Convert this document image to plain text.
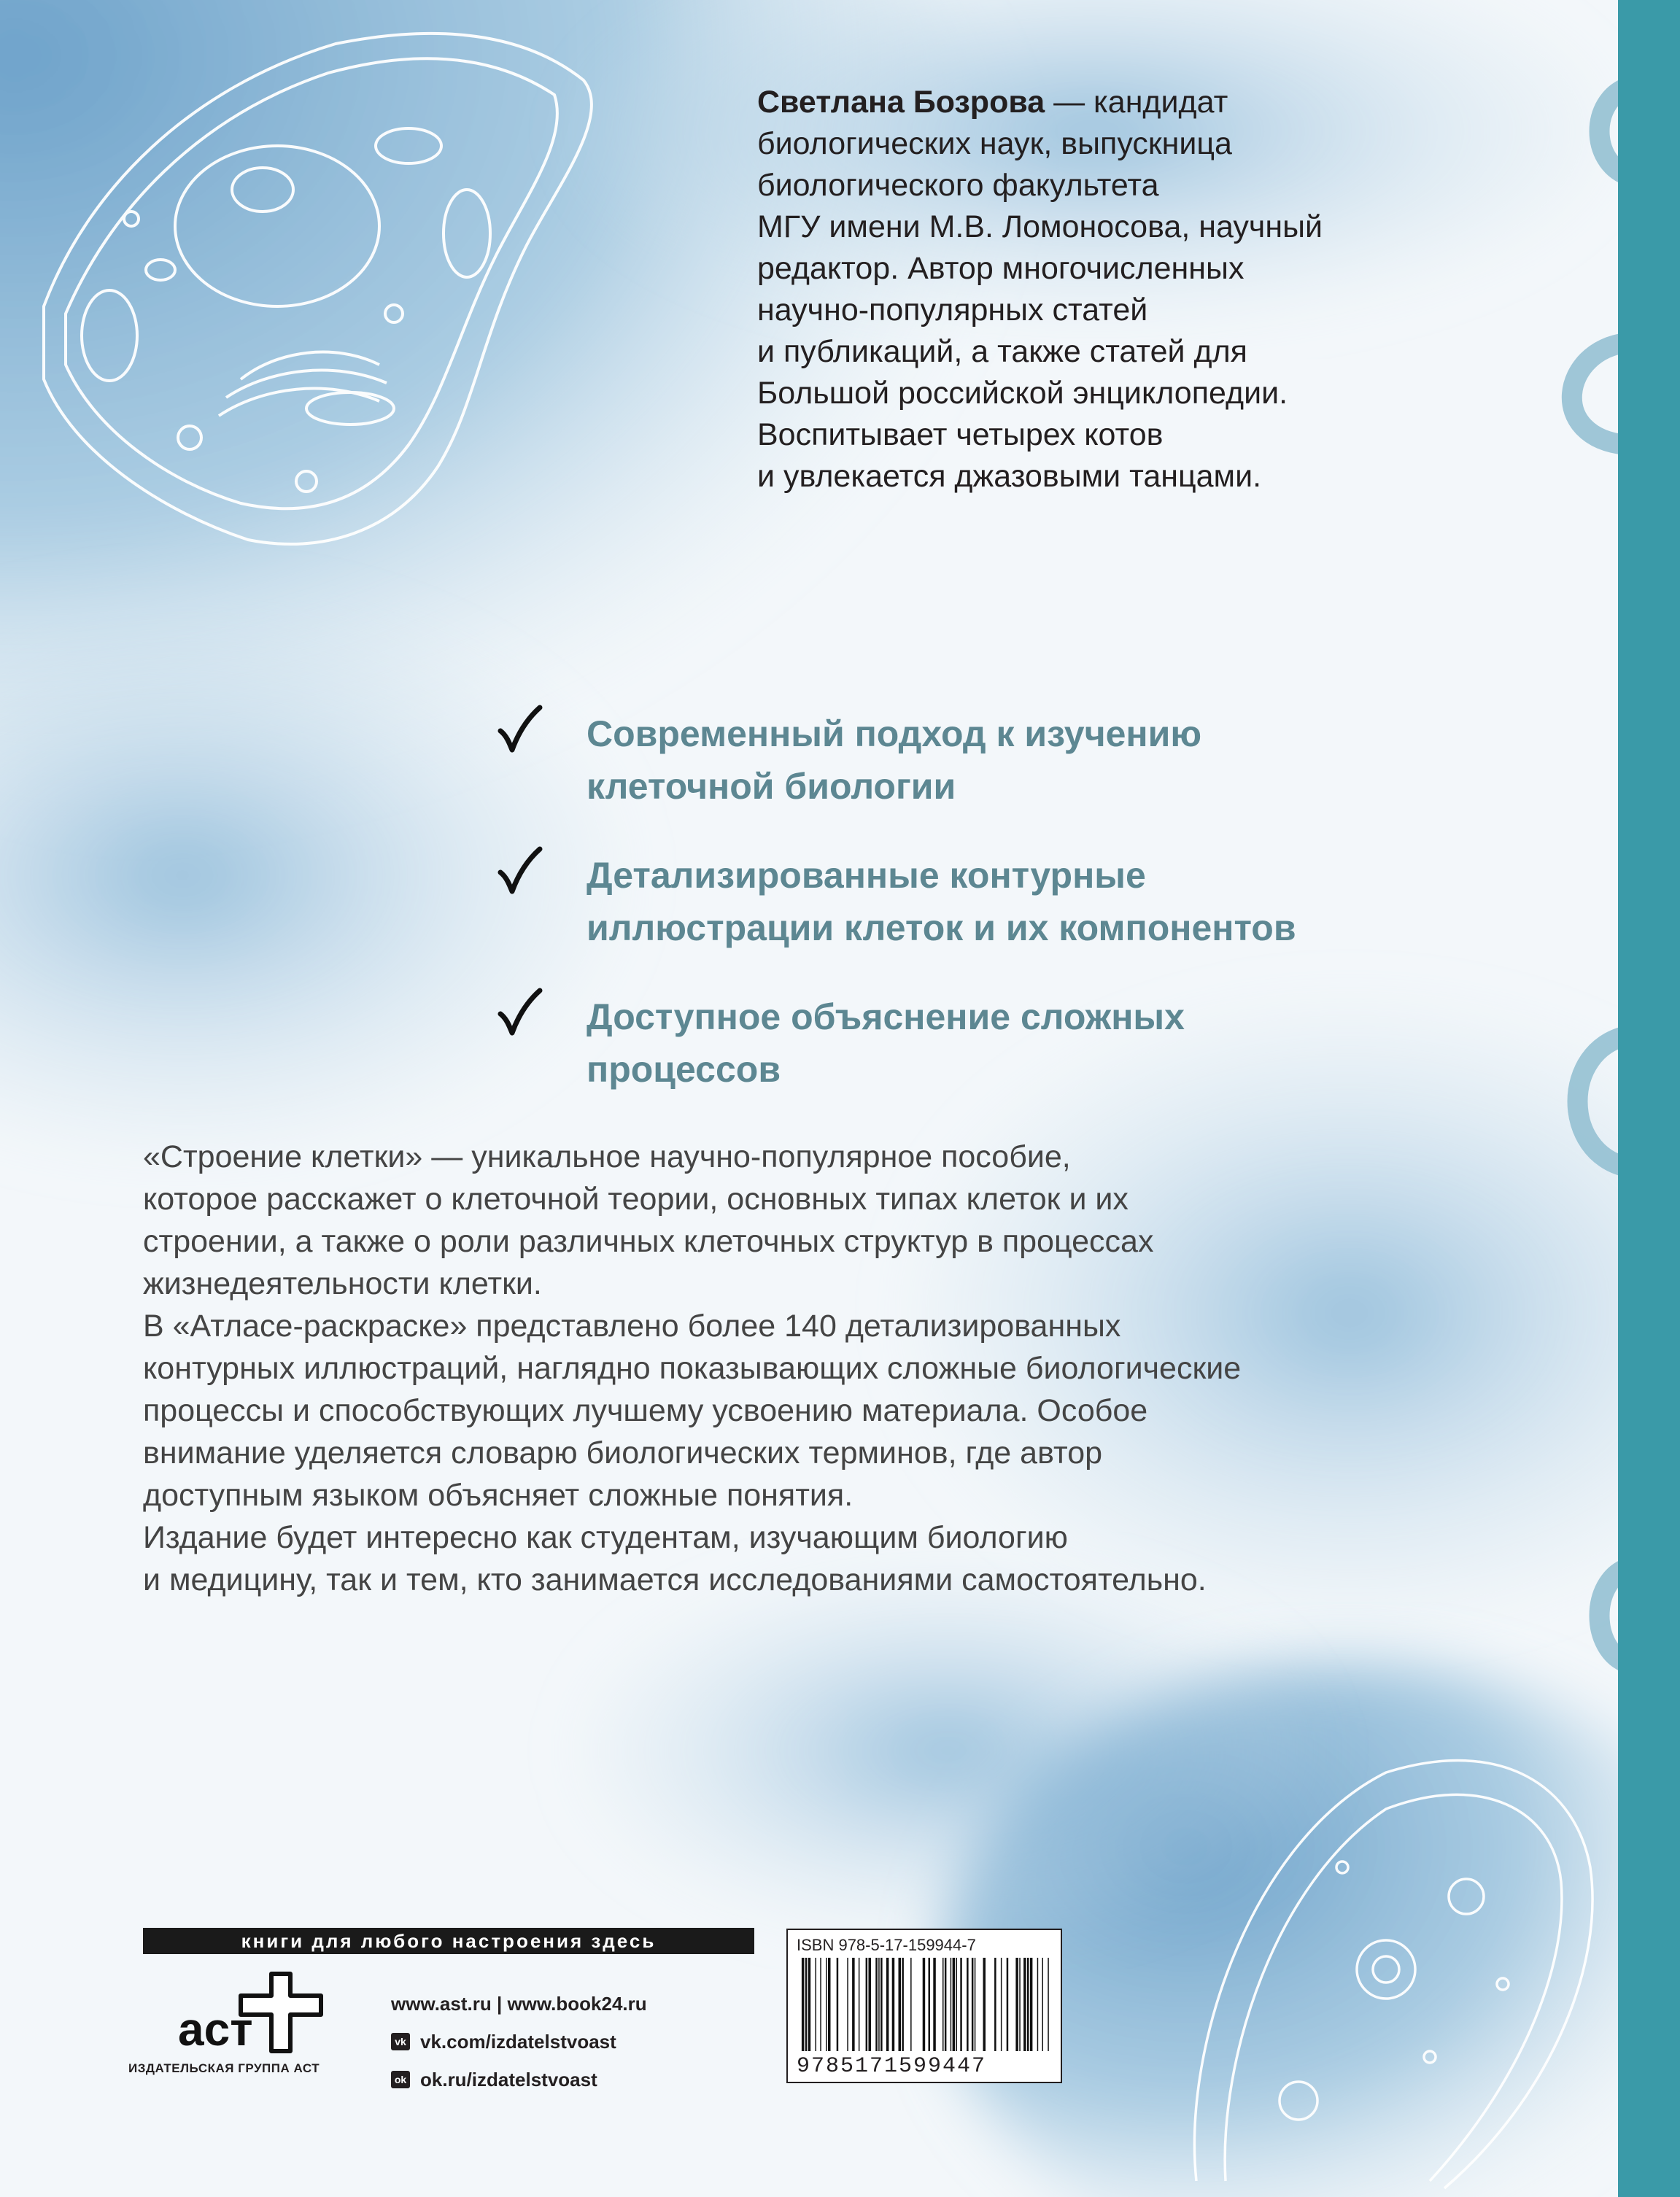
Светлана Бозрова — кандидат
биологических наук, выпускница
биологического факультета
МГУ имени М.В. Ломоносова, научный
редактор. Автор многочисленных
научно-популярных статей
и публикаций, а также статей для
Большой российской энциклопедии.
Воспитывает четырех котов
и увлекается джазовыми танцами.

Современный подход к изучению
клеточной биологии

Детализированные контурные
иллюстрации клеток и их компонентов

Доступное объяснение сложных
процессов

«Строение клетки» — уникальное научно-популярное пособие,

которое расскажет о клеточной теории, основных типах клеток и их

строении, а также о роли различных клеточных структур в процессах

жизнедеятельности клетки.

В «Атласе-раскраске» представлено более 140 детализированных

контурных иллюстраций, наглядно показывающих сложные биологические

процессы и способствующих лучшему усвоению материала. Особое

внимание уделяется словарю биологических терминов, где автор

доступным языком объясняет сложные понятия.

Издание будет интересно как студентам, изучающим биологию

и медицину, так и тем, кто занимается исследованиями самостоятельно.

книги для любого настроения здесь

аст

ИЗДАТЕЛЬСКАЯ ГРУППА АСТ

www.ast.ru | www.book24.ru
vk vk.com/izdatelstvoast
ok ok.ru/izdatelstvoast

ISBN 978-5-17-159944-7

9785171599447
